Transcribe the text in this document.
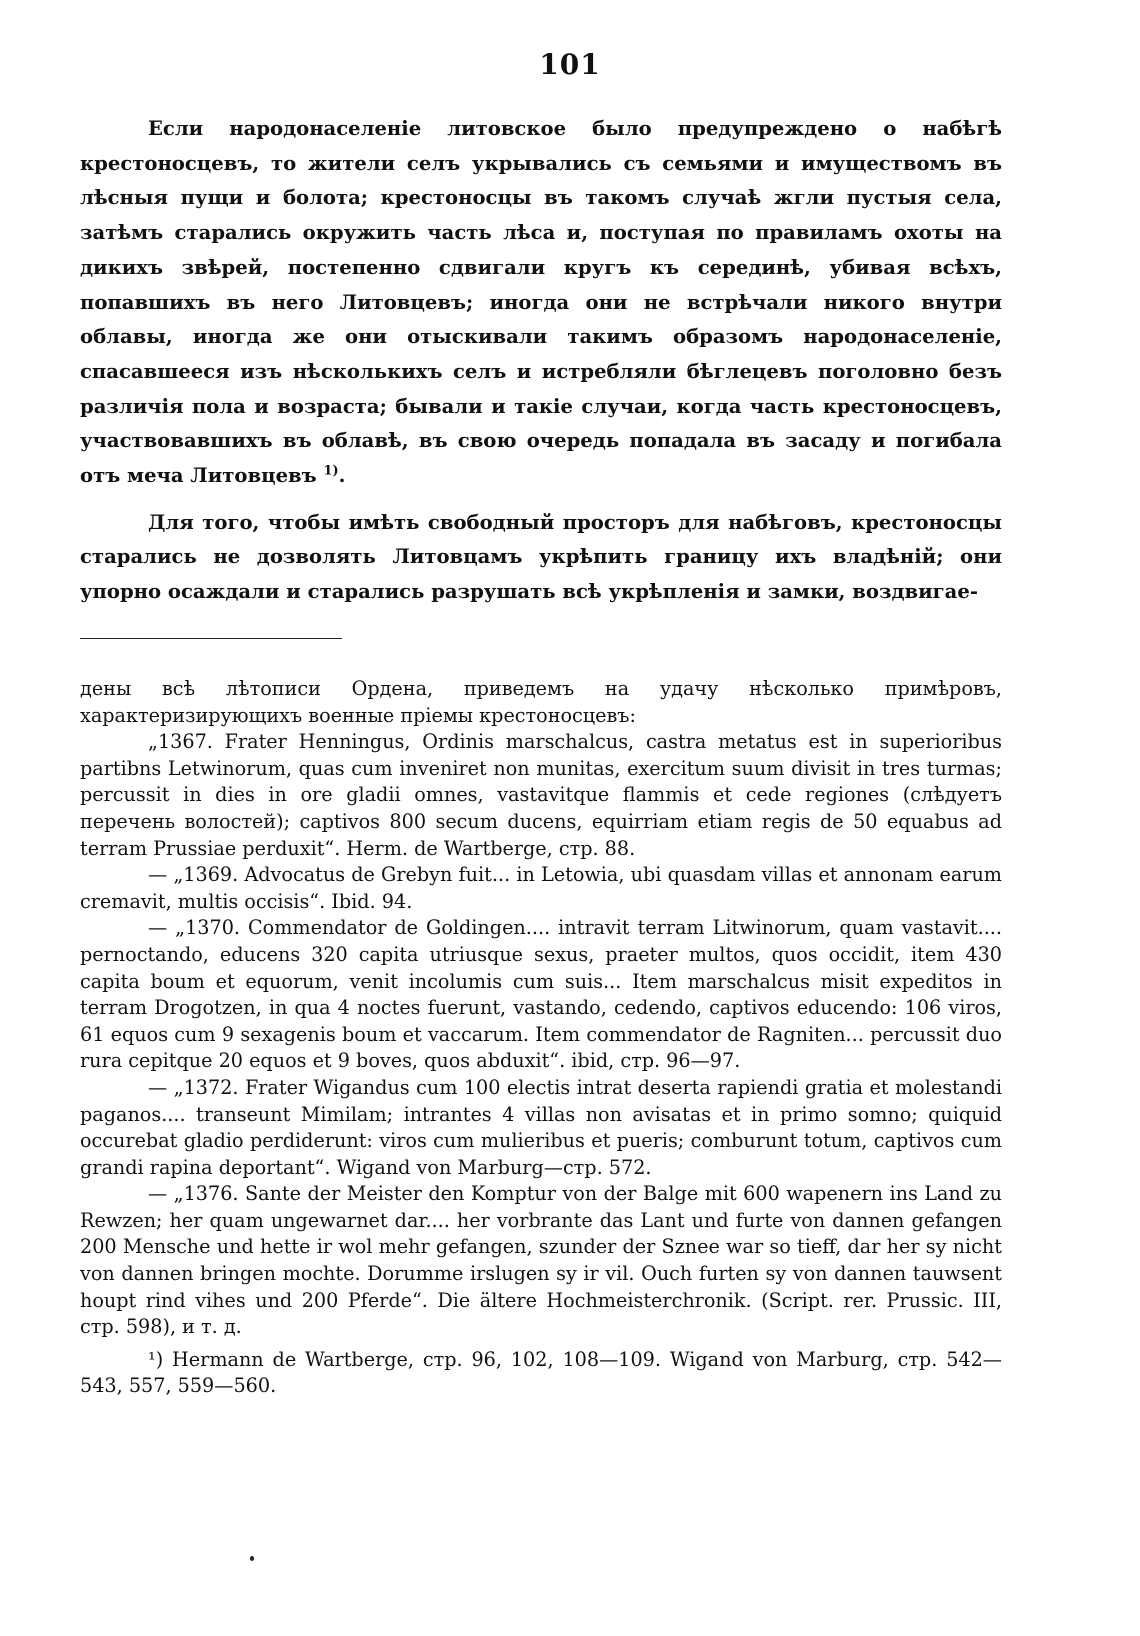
101

Если народонаселеніе литовское было предупреждено о набѣгѣ крестоносцевъ, то жители селъ укрывались съ семьями и имуществомъ въ лѣсныя пущи и болота; крестоносцы въ такомъ случаѣ жгли пустыя села, затѣмъ старались окружить часть лѣса и, поступая по правиламъ охоты на дикихъ звѣрей, постепенно сдвигали кругъ къ серединѣ, убивая всѣхъ, попавшихъ въ него Литовцевъ; иногда они не встрѣчали никого внутри облавы, иногда же они отыскивали такимъ образомъ народонаселеніе, спасавшееся изъ нѣсколькихъ селъ и истребляли бѣглецевъ поголовно безъ различія пола и возраста; бывали и такіе случаи, когда часть крестоносцевъ, участвовавшихъ въ облавѣ, въ свою очередь попадала въ засаду и погибала отъ меча Литовцевъ $^{1)}$.

Для того, чтобы имѣть свободный просторъ для набѣговъ, крестоносцы старались не дозволять Литовцамъ укрѣпить границу ихъ владѣній; они упорно осаждали и старались разрушать всѣ укрѣпленія и замки, воздвигае-

дены всѣ лѣтописи Ордена, приведемъ на удачу нѣсколько примѣровъ, характеризирующихъ военные пріемы крестоносцевъ:

„1367. Frater Henningus, Ordinis marschalcus, castra metatus est in superioribus partibns Letwinorum, quas cum inveniret non munitas, exercitum suum divisit in tres turmas; percussit in dies in ore gladii omnes, vastavitque flammis et cede regiones (слѣдуетъ перечень волостей); captivos 800 secum ducens, equirriam etiam regis de 50 equabus ad terram Prussiae perduxit“. Herm. de Wartberge, стр. 88.

— „1369. Advocatus de Grebyn fuit... in Letowia, ubi quasdam villas et annonam earum cremavit, multis occisis“. Ibid. 94.

— „1370. Commendator de Goldingen.... intravit terram Litwinorum, quam vastavit.... pernoctando, educens 320 capita utriusque sexus, praeter multos, quos occidit, item 430 capita boum et equorum, venit incolumis cum suis... Item marschalcus misit expeditos in terram Drogotzen, in qua 4 noctes fuerunt, vastando, cedendo, captivos educendo: 106 viros, 61 equos cum 9 sexagenis boum et vaccarum. Item commendator de Ragniten... percussit duo rura cepitque 20 equos et 9 boves, quos abduxit“. ibid, стр. 96—97.

— „1372. Frater Wigandus cum 100 electis intrat deserta rapiendi gratia et molestandi paganos.... transeunt Mimilam; intrantes 4 villas non avisatas et in primo somno; quiquid occurebat gladio perdiderunt: viros cum mulieribus et pueris; comburunt totum, captivos cum grandi rapina deportant“. Wigand von Marburg—стр. 572.

— „1376. Sante der Meister den Komptur von der Balge mit 600 wapenern ins Land zu Rewzen; her quam ungewarnet dar.... her vorbrante das Lant und furte von dannen gefangen 200 Mensche und hette ir wol mehr gefangen, szunder der Sznee war so tieff, dar her sy nicht von dannen bringen mochte. Dorumme irslugen sy ir vil. Ouch furten sy von dannen tauwsent houpt rind vihes und 200 Pferde“. Die ältere Hochmeisterchronik. (Script. rer. Prussic. III, стр. 598), и т. д.

¹) Hermann de Wartberge, стр. 96, 102, 108—109. Wigand von Marburg, стр. 542—543, 557, 559—560.
